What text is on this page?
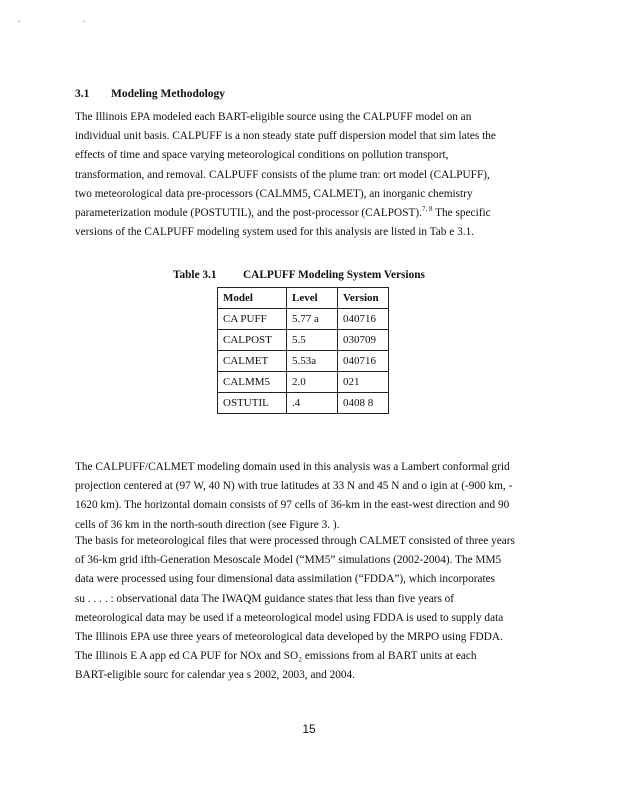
. .
3.1 Modeling Methodology
The Illinois EPA modeled each BART-eligible source using the CALPUFF model on an
individual unit basis. CALPUFF is a non steady state puff dispersion model that sim lates the
effects of time and space varying meteorological conditions on pollution transport,
transformation, and removal. CALPUFF consists of the plume tran: ort model (CALPUFF),
two meteorological data pre-processors (CALMM5, CALMET), an inorganic chemistry
parameterization module (POSTUTIL), and the post-processor (CALPOST).$^{7, 8}$ The specific
versions of the CALPUFF modeling system used for this analysis are listed in Tab e 3.1.
Table 3.1 CALPUFF Modeling System Versions
Model	Level	Version
CA PUFF	5.77 a	040716
CALPOST	5.5	030709
CALMET	5.53a	040716
CALMM5	2.0	021
OSTUTIL	.4	0408 8
The CALPUFF/CALMET modeling domain used in this analysis was a Lambert conformal grid
projection centered at (97 W, 40 N) with true latitudes at 33 N and 45 N and o igin at (-900 km, -
1620 km). The horizontal domain consists of 97 cells of 36-km in the east-west direction and 90
cells of 36 km in the north-south direction (see Figure 3. ).
The basis for meteorological files that were processed through CALMET consisted of three years
of 36-km grid ifth-Generation Mesoscale Model (“MM5” simulations (2002-2004). The MM5
data were processed using four dimensional data assimilation (“FDDA”), which incorporates
su . . . . : observational data The IWAQM guidance states that less than five years of
meteorological data may be used if a meteorological model using FDDA is used to supply data
The Illinois EPA use three years of meteorological data developed by the MRPO using FDDA.
The Illinois E A app ed CA PUF for NOx and SO₂ emissions from al BART units at each
BART-eligible sourc for calendar yea s 2002, 2003, and 2004.
15
